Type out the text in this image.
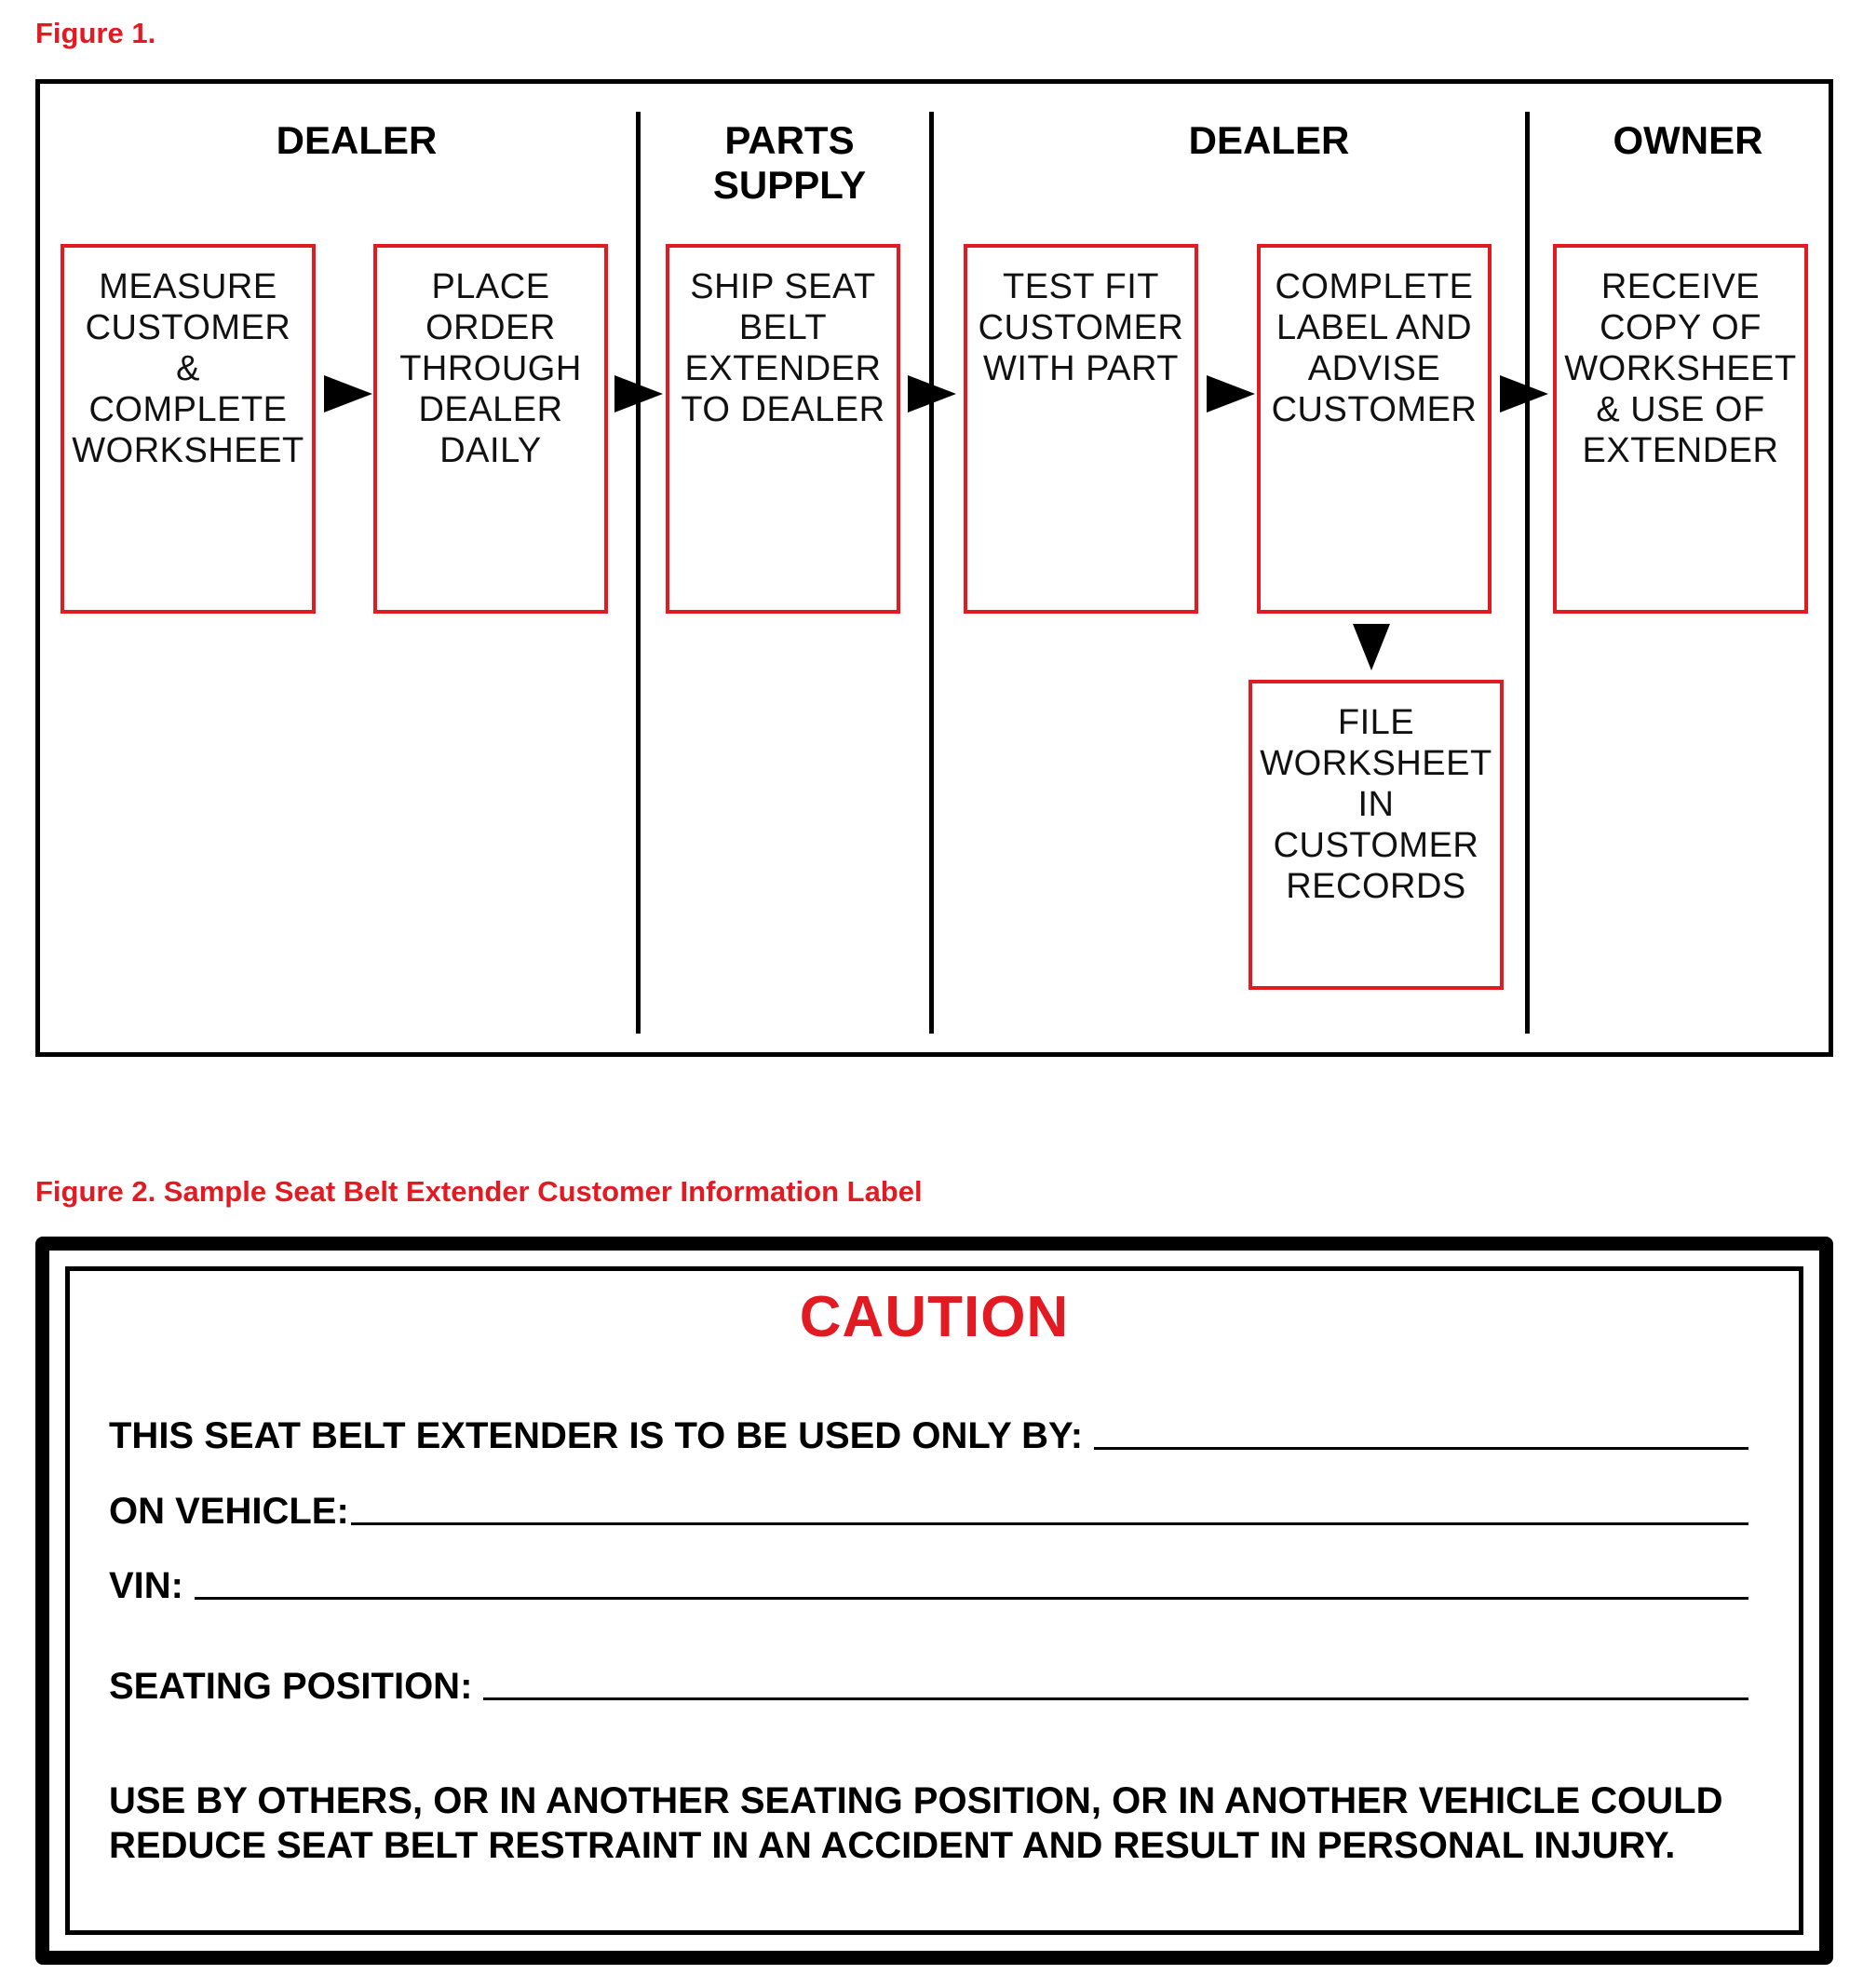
Figure 1.
DEALER	PARTS
SUPPLY
DEALER	OWNER
MEASURE
CUSTOMER
&
COMPLETE
WORKSHEET
PLACE
ORDER
THROUGH
DEALER
DAILY
SHIP SEAT
BELT
EXTENDER
TO DEALER
TEST FIT
CUSTOMER
WITH PART
COMPLETE
LABEL AND
ADVISE
CUSTOMER
RECEIVE
COPY OF
WORKSHEET
& USE OF
EXTENDER
FILE
WORKSHEET
IN
CUSTOMER
RECORDS
Figure 2. Sample Seat Belt Extender Customer Information Label
CAUTION
THIS SEAT BELT EXTENDER IS TO BE USED ONLY BY:
ON VEHICLE:
VIN:
SEATING POSITION:
USE BY OTHERS, OR IN ANOTHER SEATING POSITION, OR IN ANOTHER VEHICLE COULD REDUCE SEAT BELT RESTRAINT IN AN ACCIDENT AND RESULT IN PERSONAL INJURY.
